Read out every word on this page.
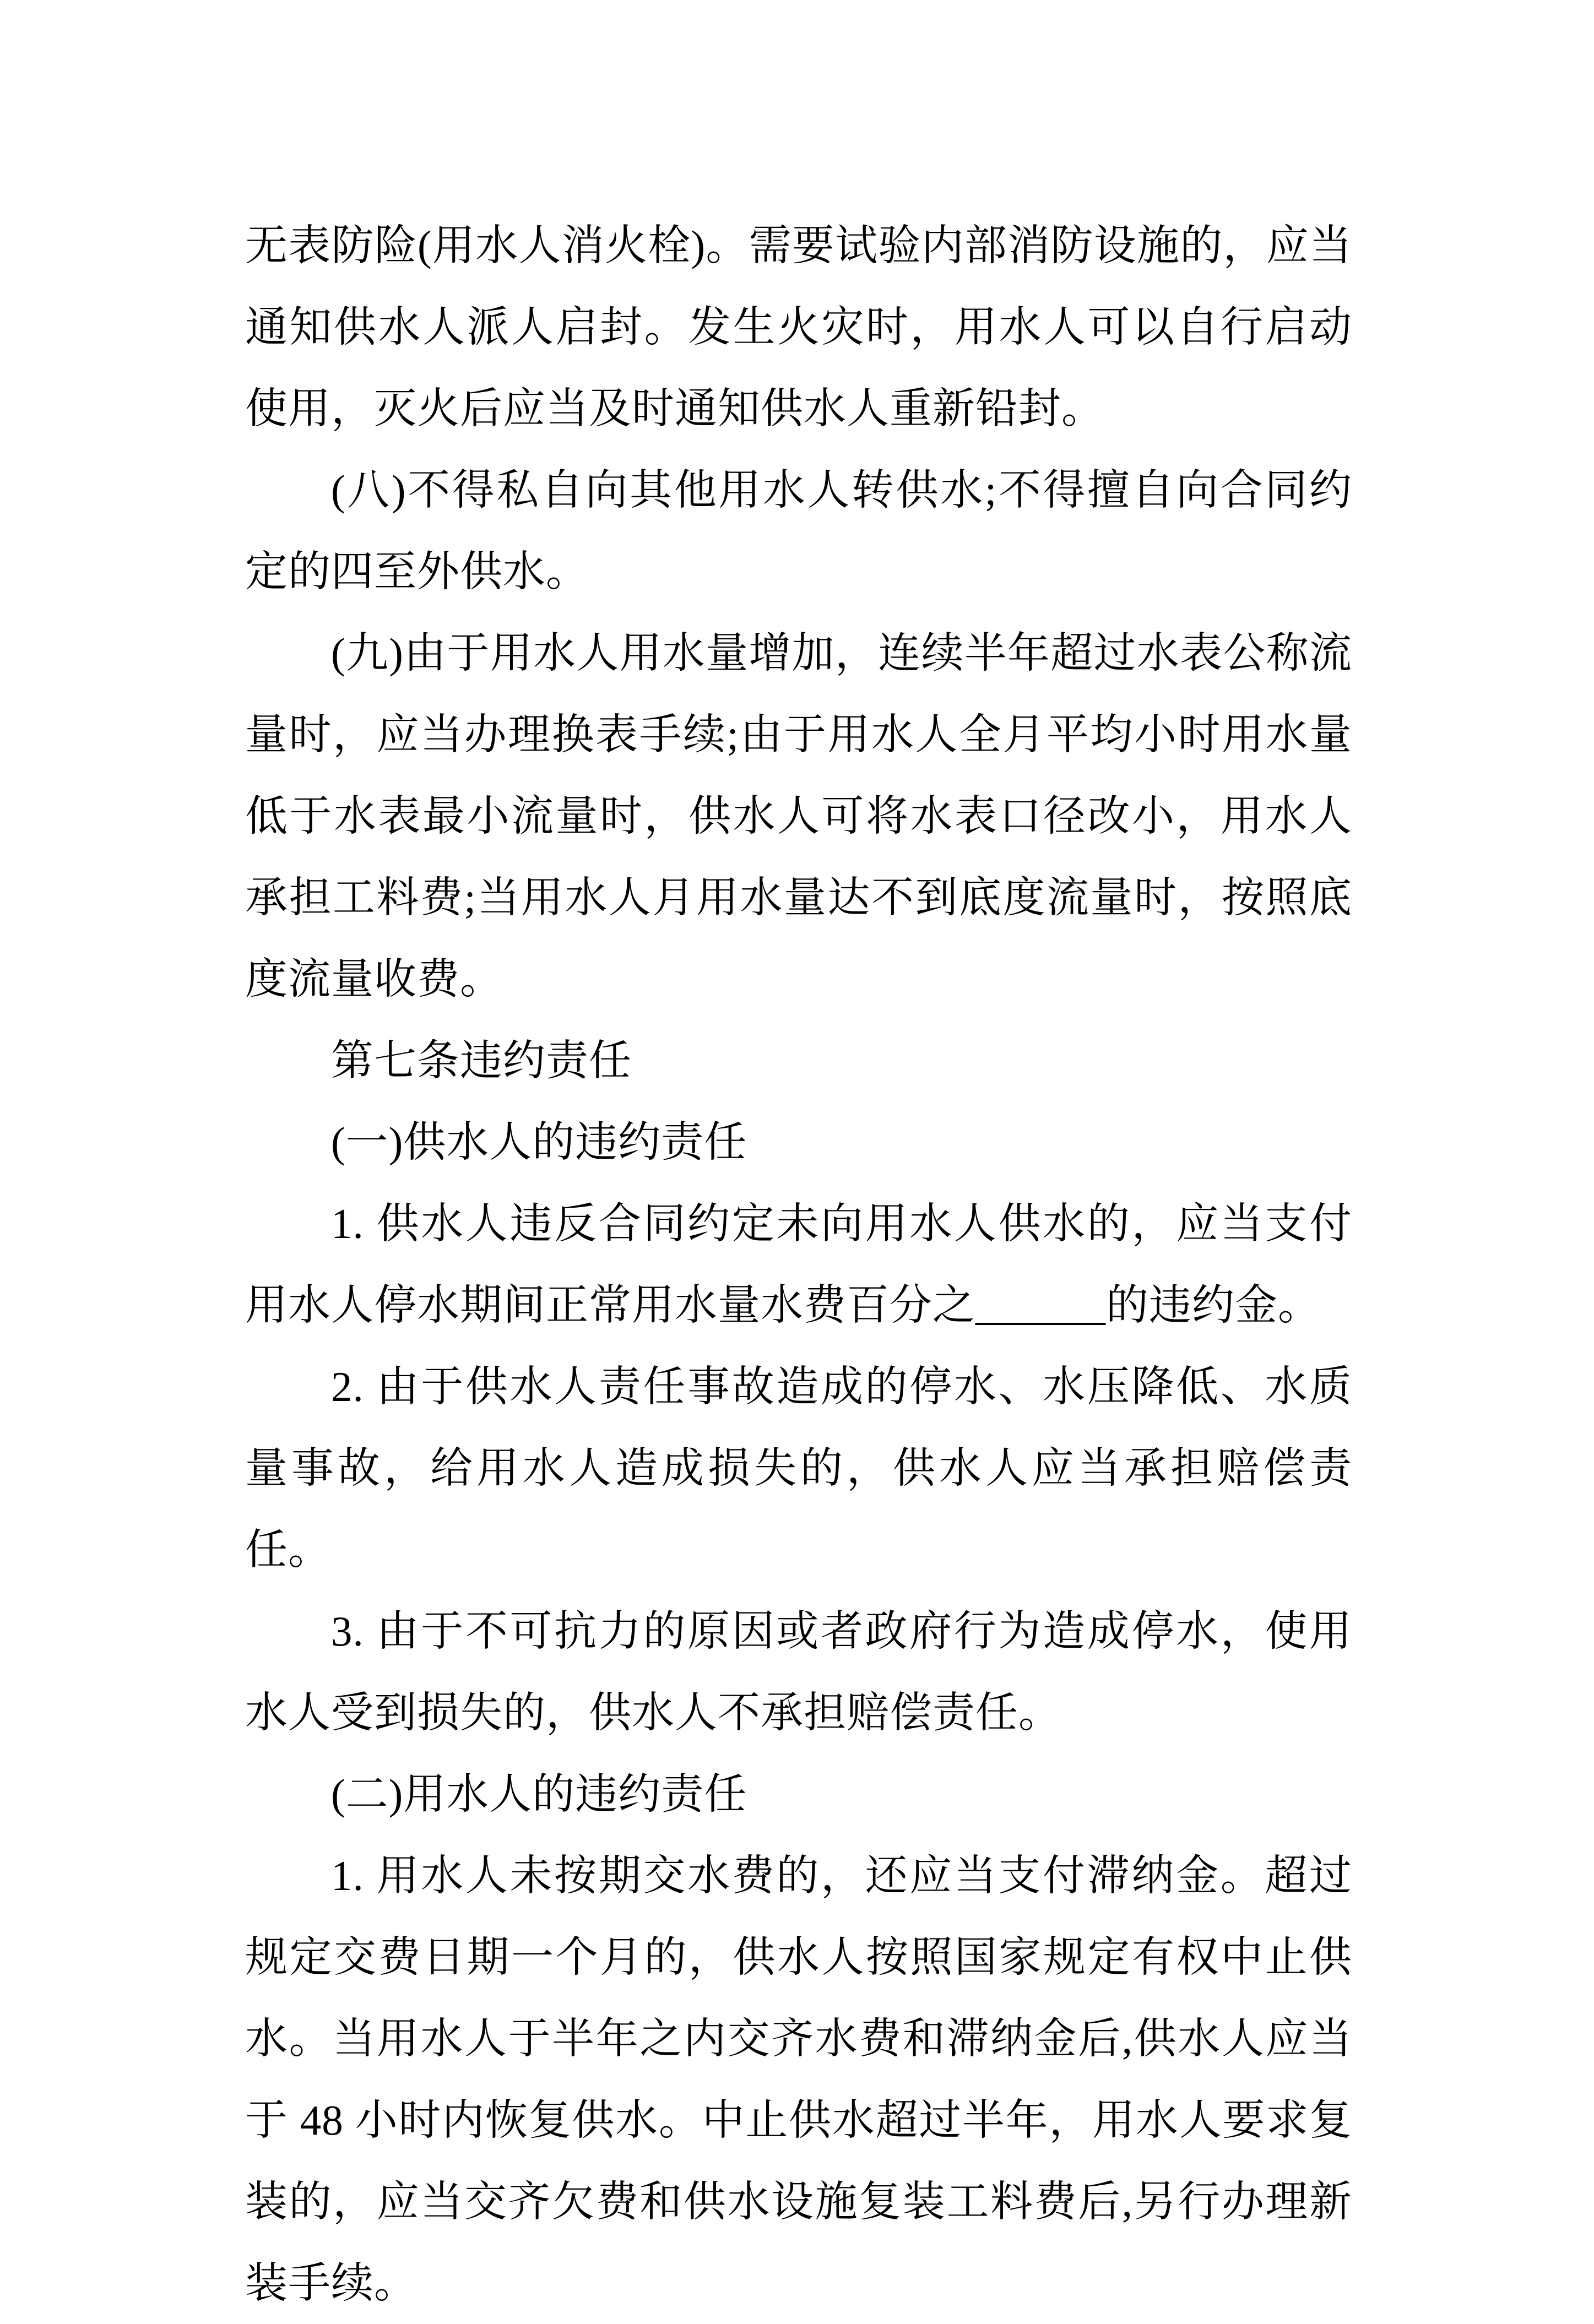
无表防险(用水人消火栓)。需要试验内部消防设施的，应当通知供水人派人启封。发生火灾时，用水人可以自行启动使用，灭火后应当及时通知供水人重新铅封。

(八)不得私自向其他用水人转供水;不得擅自向合同约定的四至外供水。

(九)由于用水人用水量增加，连续半年超过水表公称流量时，应当办理换表手续;由于用水人全月平均小时用水量低于水表最小流量时，供水人可将水表口径改小，用水人承担工料费;当用水人月用水量达不到底度流量时，按照底度流量收费。

第七条违约责任

(一)供水人的违约责任

1. 供水人违反合同约定未向用水人供水的，应当支付用水人停水期间正常用水量水费百分之______的违约金。

2. 由于供水人责任事故造成的停水、水压降低、水质量事故，给用水人造成损失的，供水人应当承担赔偿责任。

3. 由于不可抗力的原因或者政府行为造成停水，使用水人受到损失的，供水人不承担赔偿责任。

(二)用水人的违约责任

1. 用水人未按期交水费的，还应当支付滞纳金。超过规定交费日期一个月的，供水人按照国家规定有权中止供水。当用水人于半年之内交齐水费和滞纳金后,供水人应当于 48 小时内恢复供水。中止供水超过半年，用水人要求复装的，应当交齐欠费和供水设施复装工料费后,另行办理新装手续。
